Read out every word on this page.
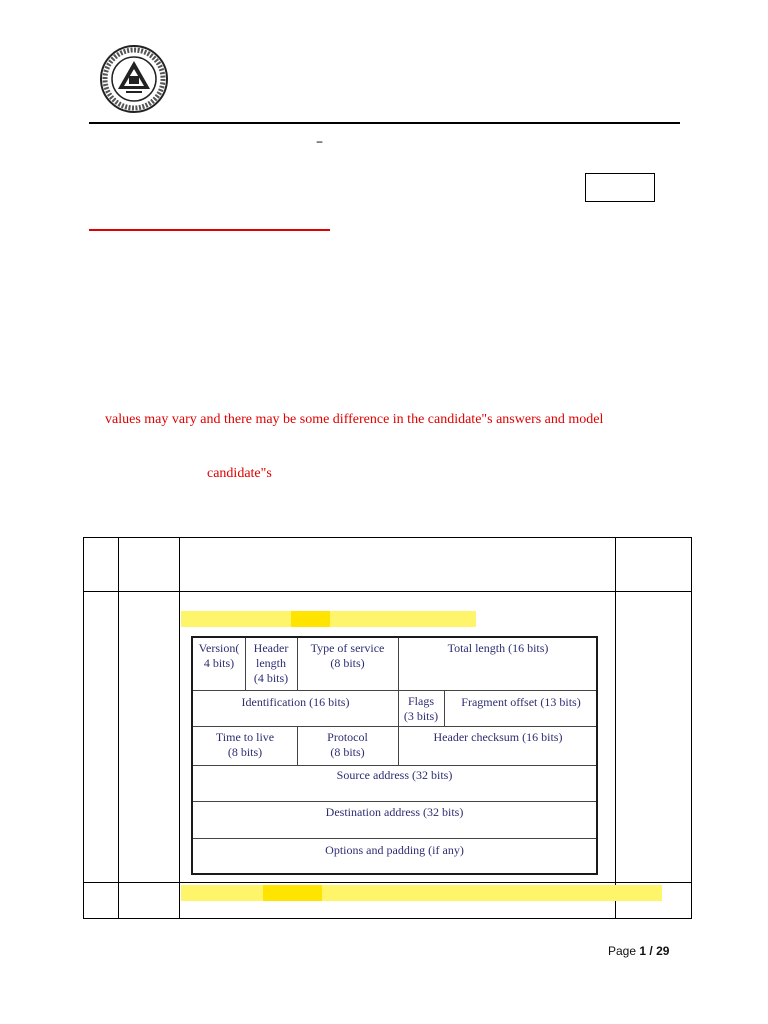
–
values may vary and there may be some difference in the candidate"s answers and model
candidate"s
Version(
4 bits)
Header
length
(4 bits)
Type of service
(8 bits)
Total length (16 bits)
Identification (16 bits)	Flags
(3 bits)
Fragment offset (13 bits)
Time to live
(8 bits)
Protocol
(8 bits)
Header checksum (16 bits)
Source address (32 bits)
Destination address (32 bits)
Options and padding (if any)
Page 1 / 29
